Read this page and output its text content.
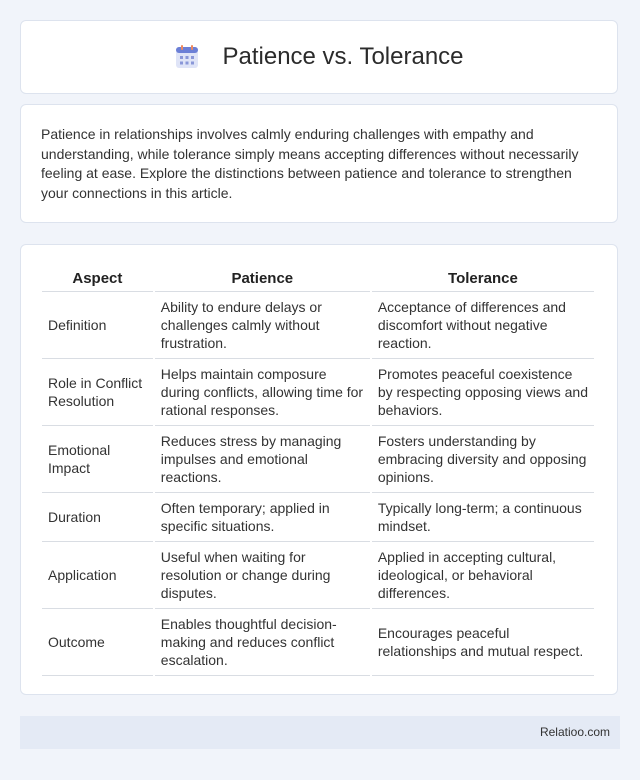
Patience vs. Tolerance

Patience in relationships involves calmly enduring challenges with empathy and understanding, while tolerance simply means accepting differences without necessarily feeling at ease. Explore the distinctions between patience and tolerance to strengthen your connections in this article.

Aspect	Patience	Tolerance
Definition	Ability to endure delays or challenges calmly without frustration.	Acceptance of differences and discomfort without negative reaction.
Role in Conflict Resolution	Helps maintain composure during conflicts, allowing time for rational responses.	Promotes peaceful coexistence by respecting opposing views and behaviors.
Emotional Impact	Reduces stress by managing impulses and emotional reactions.	Fosters understanding by embracing diversity and opposing opinions.
Duration	Often temporary; applied in specific situations.	Typically long-term; a continuous mindset.
Application	Useful when waiting for resolution or change during disputes.	Applied in accepting cultural, ideological, or behavioral differences.
Outcome	Enables thoughtful decision-making and reduces conflict escalation.	Encourages peaceful relationships and mutual respect.
Relatioo.com
